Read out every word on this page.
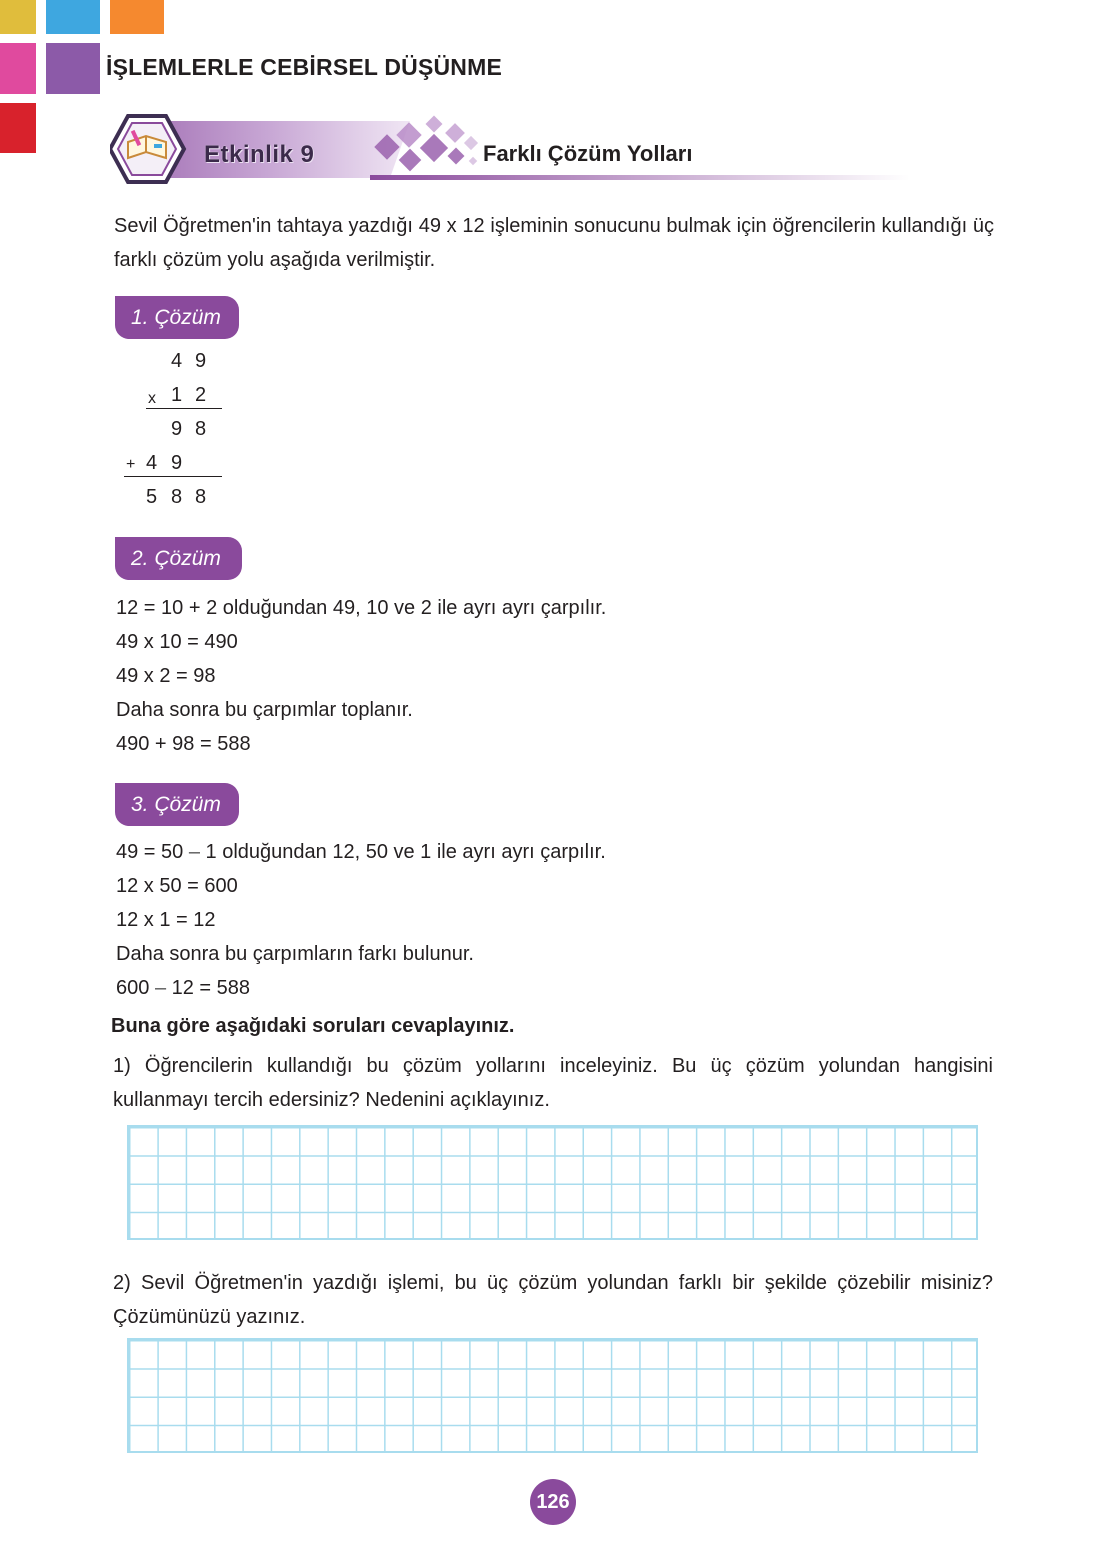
İŞLEMLERLE CEBİRSEL DÜŞÜNME
Etkinlik 9	Farklı Çözüm Yolları
Sevil Öğretmen'in tahtaya yazdığı 49 x 12 işleminin sonucunu bulmak için öğrencilerin kullandığı üç farklı çözüm yolu aşağıda verilmiştir.
1. Çözüm
4 9
x 1 2
9 8
+ 4 9
5 8 8
2. Çözüm
12 = 10 + 2 olduğundan 49, 10 ve 2 ile ayrı ayrı çarpılır.
49 x 10 = 490
49 x 2 = 98
Daha sonra bu çarpımlar toplanır.
490 + 98 = 588
3. Çözüm
49 = 50 – 1 olduğundan 12, 50 ve 1 ile ayrı ayrı çarpılır.
12 x 50 = 600
12 x 1 = 12
Daha sonra bu çarpımların farkı bulunur.
600 – 12 = 588
Buna göre aşağıdaki soruları cevaplayınız.
1) Öğrencilerin kullandığı bu çözüm yollarını inceleyiniz. Bu üç çözüm yolundan hangisini kullanmayı tercih edersiniz? Nedenini açıklayınız.
2) Sevil Öğretmen'in yazdığı işlemi, bu üç çözüm yolundan farklı bir şekilde çözebilir misiniz? Çözümünüzü yazınız.
126
